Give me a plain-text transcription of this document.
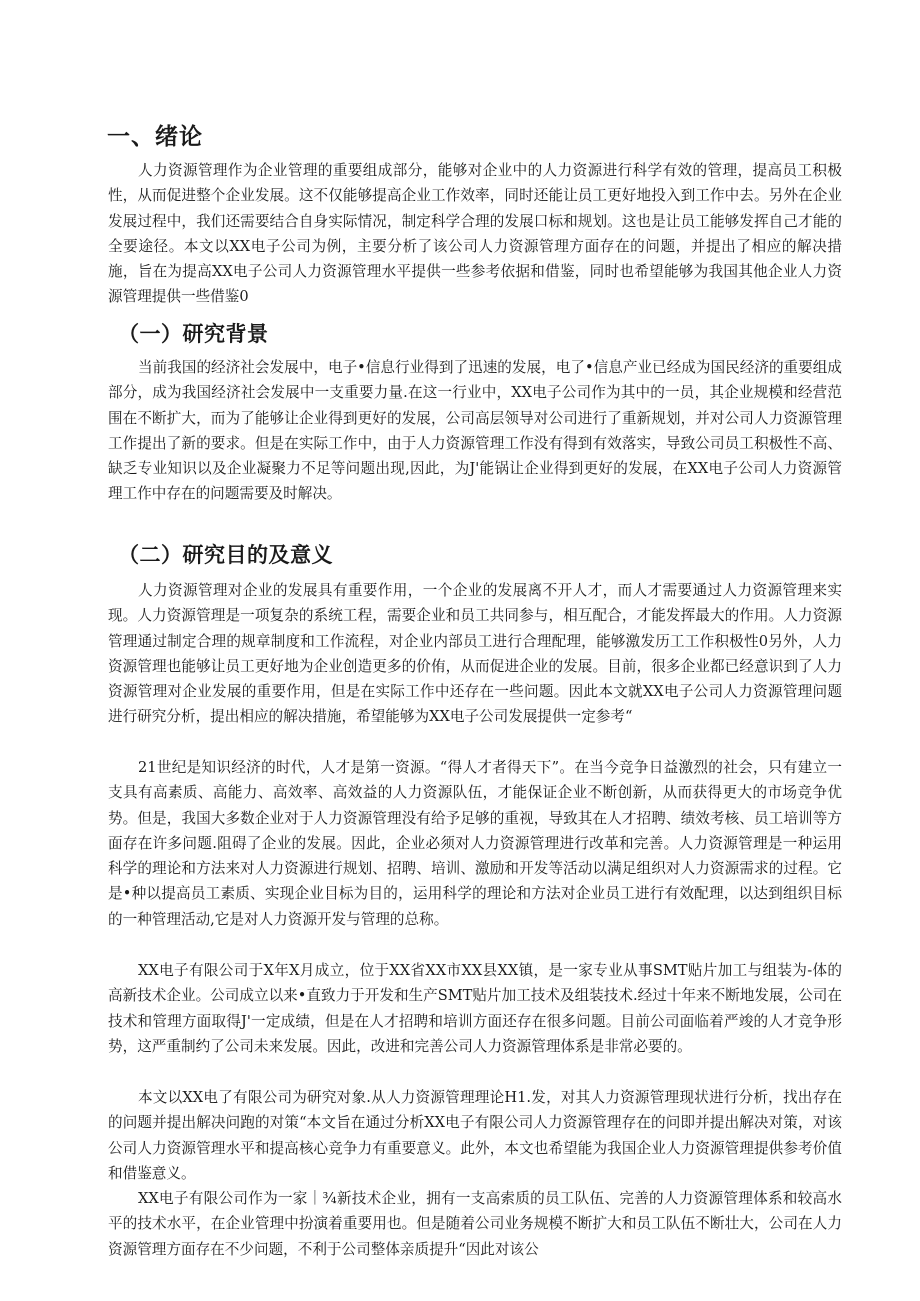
一、绪论

人力资源管理作为企业管理的重要组成部分，能够对企业中的人力资源进行科学有效的管理，提高员工积极性，从而促进整个企业发展。这不仅能够提高企业工作效率，同时还能让员工更好地投入到工作中去。另外在企业发展过程中，我们还需要结合自身实际情况，制定科学合理的发展口标和规划。这也是让员工能够发挥自己才能的全要途径。本文以XX电子公司为例，主要分析了该公司人力资源管理方面存在的问题，并提出了相应的解决措施，旨在为提高XX电子公司人力资源管理水平提供一些参考依据和借鉴，同时也希望能够为我国其他企业人力资源管理提供一些借鉴0

（一）研究背景

当前我国的经济社会发展中，电子•信息行业得到了迅速的发展，电了•信息产业已经成为国民经济的重要组成部分，成为我国经济社会发展中一支重要力量.在这一行业中，XX电子公司作为其中的一员，其企业规模和经营范围在不断扩大，而为了能够让企业得到更好的发展，公司高层领导对公司进行了重新规划，并对公司人力资源管理工作提出了新的要求。但是在实际工作中，由于人力资源管理工作没有得到有效落实，导致公司员工积极性不高、缺乏专业知识以及企业凝聚力不足等问题出现,因此，为J'能锅让企业得到更好的发展，在XX电子公司人力资源管理工作中存在的问题需要及时解决。

（二）研究目的及意义

人力资源管理对企业的发展具有重要作用，一个企业的发展离不开人才，而人才需要通过人力资源管理来实现。人力资源管理是一项复杂的系统工程，需要企业和员工共同参与，相互配合，才能发挥最大的作用。人力资源管理通过制定合理的规章制度和工作流程，对企业内部员工进行合理配理，能够激发历工工作积极性0另外，人力资源管理也能够让员工更好地为企业创造更多的价侑，从而促进企业的发展。目前，很多企业都已经意识到了人力资源管理对企业发展的重要作用，但是在实际工作中还存在一些问题。因此本文就XX电子公司人力资源管理问题进行研究分析，提出相应的解决措施，希望能够为XX电子公司发展提供一定参考“

21世纪是知识经济的时代，人才是第一资源。“得人才者得天下”。在当今竞争日益激烈的社会，只有建立一支具有高素质、高能力、高效率、高效益的人力资源队伍，才能保证企业不断创新，从而获得更大的市场竞争优势。但是，我国大多数企业对于人力资源管理没有给予足够的重视，导致其在人才招聘、绩效考核、员工培训等方面存在许多问题.阻碍了企业的发展。因此，企业必须对人力资源管理进行改革和完善。人力资源管理是一种运用科学的理论和方法来对人力资源进行规划、招聘、培训、激励和开发等活动以满足组织对人力资源需求的过程。它是•种以提高员工素质、实现企业目标为目的，运用科学的理论和方法对企业员工进行有效配理，以达到组织目标的一种管理活动,它是对人力资源开发与管理的总称。

XX电子有限公司于X年X月成立，位于XX省XX市XX县XX镇，是一家专业从事SMT贴片加工与组装为-体的高新技术企业。公司成立以来•直致力于开发和生产SMT贴片加工技术及组装技术.经过十年来不断地发展，公司在技术和管理方面取得J'一定成绩，但是在人才招聘和培训方面还存在很多问题。目前公司面临着严竣的人才竞争形势，这严重制约了公司未来发展。因此，改进和完善公司人力资源管理体系是非常必要的。

本文以XX电了有限公司为研究对象.从人力资源管理理论H1.发，对其人力资源管理现状进行分析，找出存在的问题并提出解决问跑的对策“本文旨在通过分析XX电子有限公司人力资源管理存在的问即并提出解决对策，对该公司人力资源管理水平和提高核心竞争力有重要意义。此外，本文也希望能为我国企业人力资源管理提供参考价值和借鉴意义。

XX电子有限公司作为一家｜¾新技术企业，拥有一支高索质的员工队伍、完善的人力资源管理体系和较高水平的技术水平，在企业管理中扮演着重要用也。但是随着公司业务规模不断扩大和员工队伍不断壮大，公司在人力资源管理方面存在不少问题，不利于公司整体亲质提升“因此对该公
